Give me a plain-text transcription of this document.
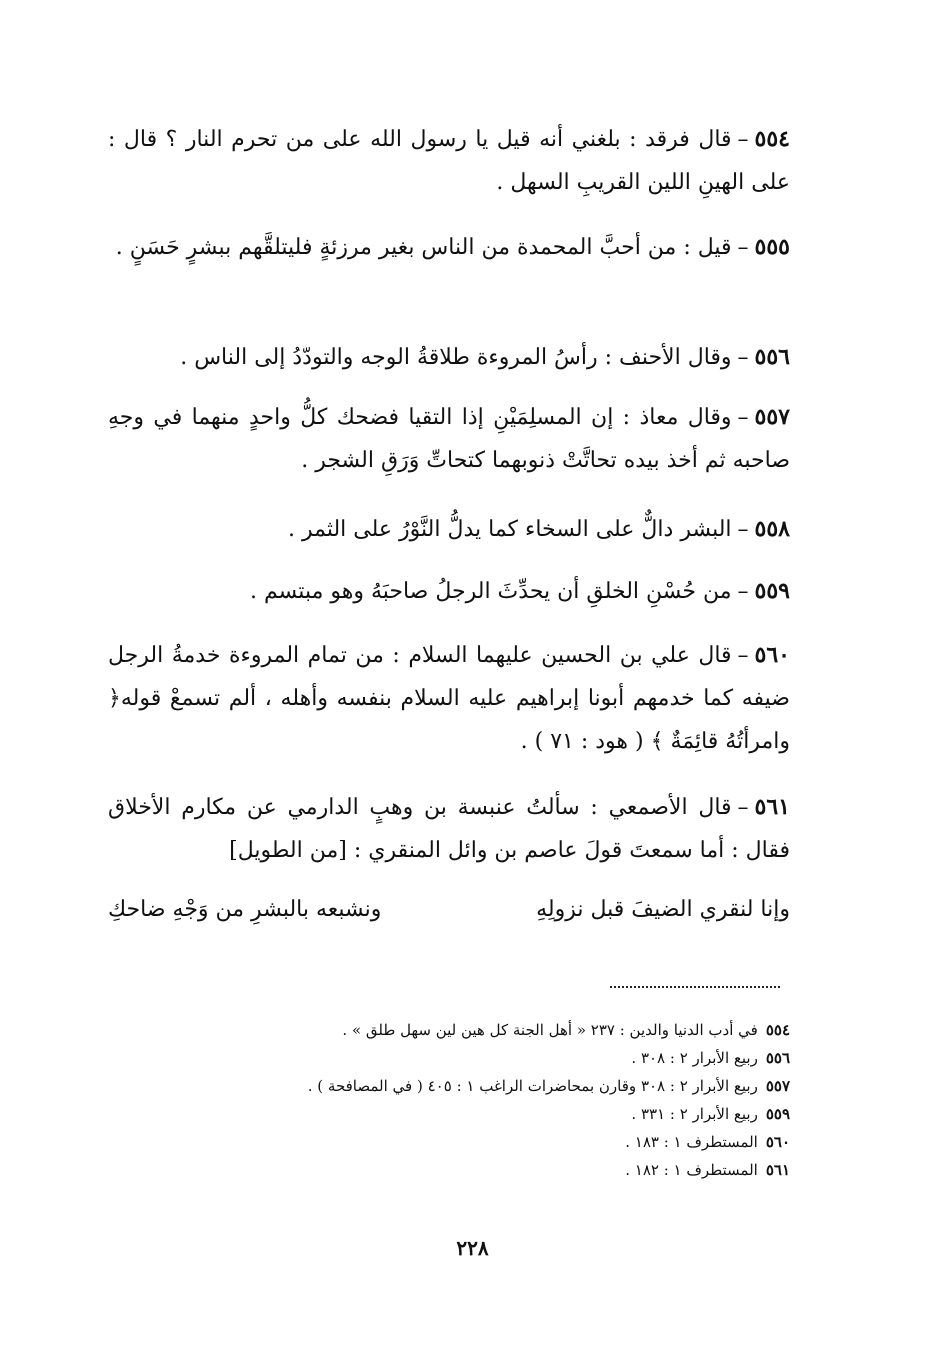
٥٥٤–قال فرقد : بلغني أنه قيل يا رسول الله على من تحرم النار ؟ قال : على الهينِ اللين القريبِ السهل .

٥٥٥–قيل : من أحبَّ المحمدة من الناس بغير مرزئةٍ فليتلقَّهم ببشرٍ حَسَنٍ .

٥٥٦–وقال الأحنف : رأسُ المروءة طلاقةُ الوجه والتودّدُ إلى الناس .

٥٥٧–وقال معاذ : إن المسلِمَيْنِ إذا التقيا فضحك كلُّ واحدٍ منهما في وجهِ صاحبه ثم أخذ بيده تحاتَّتْ ذنوبهما كتحاتِّ وَرَقِ الشجر .

٥٥٨–البشر دالٌّ على السخاء كما يدلُّ النَّوْرُ على الثمر .

٥٥٩–من حُسْنِ الخلقِ أن يحدِّثَ الرجلُ صاحبَهُ وهو مبتسم .

٥٦٠–قال علي بن الحسين عليهما السلام : من تمام المروءة خدمةُ الرجل ضيفه كما خدمهم أبونا إبراهيم عليه السلام بنفسه وأهله ، ألم تسمعْ قوله﴿ وامرأتُهُ قائِمَةٌ ﴾ ( هود : ٧١ ) .

٥٦١–قال الأصمعي : سألتُ عنبسة بن وهبٍ الدارمي عن مكارم الأخلاق فقال : أما سمعتَ قولَ عاصم بن وائل المنقري : [من الطويل]

وإنا لنقري الضيفَ قبل نزولِهِ
ونشبعه بالبشرِ من وَجْهِ ضاحكِ
٥٥٤في أدب الدنيا والدين : ٢٣٧ « أهل الجنة كل هين لين سهل طلق » .
٥٥٦ربيع الأبرار ٢ : ٣٠٨ .
٥٥٧ربيع الأبرار ٢ : ٣٠٨ وقارن بمحاضرات الراغب ١ : ٤٠٥ ( في المصافحة ) .
٥٥٩ربيع الأبرار ٢ : ٣٣١ .
٥٦٠المستطرف ١ : ١٨٣ .
٥٦١المستطرف ١ : ١٨٢ .
٢٢٨
